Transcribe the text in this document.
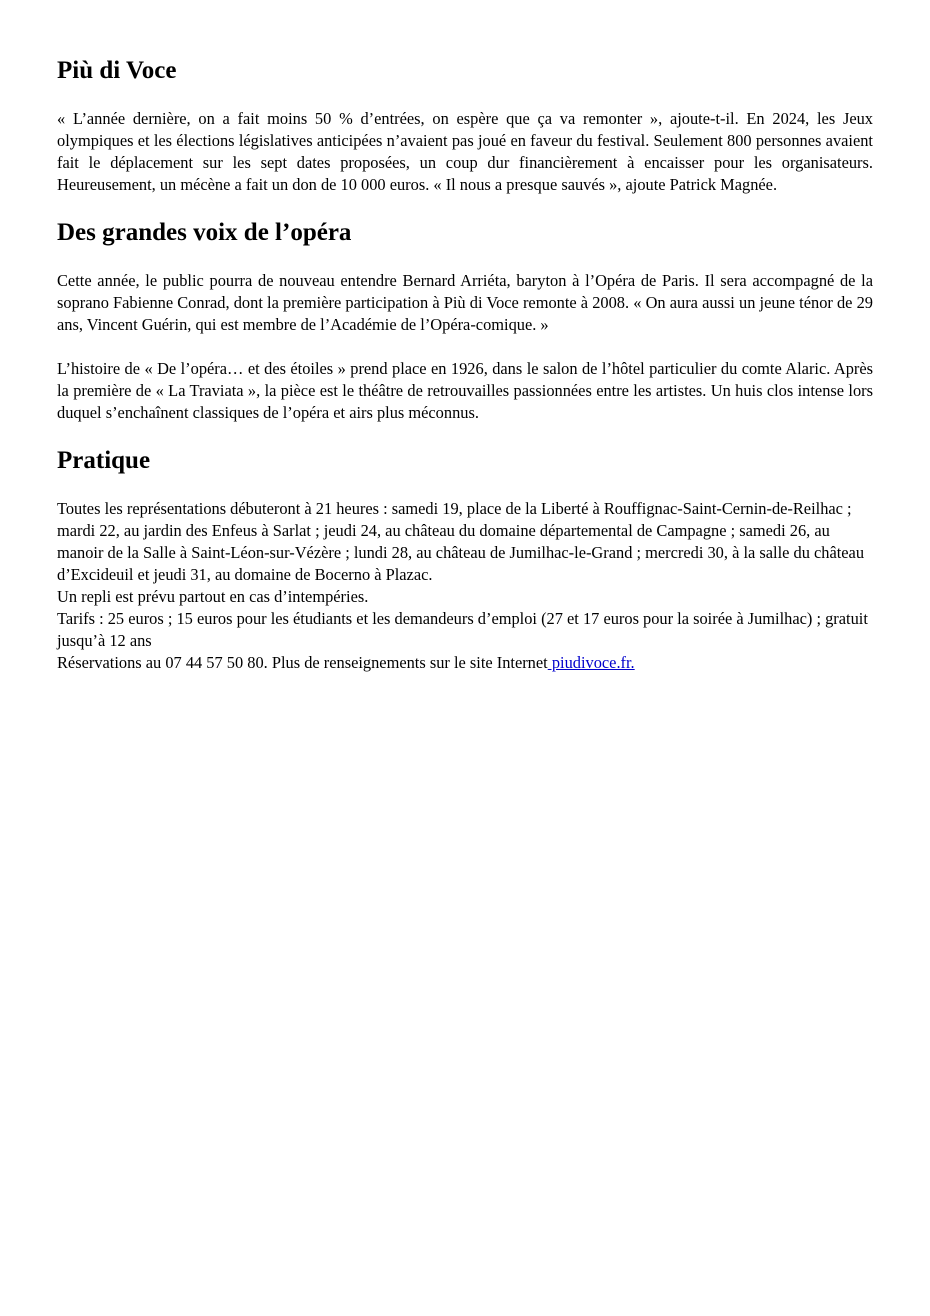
Più di Voce

« L’année dernière, on a fait moins 50 % d’entrées, on espère que ça va remonter », ajoute-t-il. En 2024, les Jeux olympiques et les élections législatives anticipées n’avaient pas joué en faveur du festival. Seulement 800 personnes avaient fait le déplacement sur les sept dates proposées, un coup dur financièrement à encaisser pour les organisateurs. Heureusement, un mécène a fait un don de 10 000 euros. « Il nous a presque sauvés », ajoute Patrick Magnée.

Des grandes voix de l’opéra

Cette année, le public pourra de nouveau entendre Bernard Arriéta, baryton à l’Opéra de Paris. Il sera accompagné de la soprano Fabienne Conrad, dont la première participation à Più di Voce remonte à 2008. « On aura aussi un jeune ténor de 29 ans, Vincent Guérin, qui est membre de l’Académie de l’Opéra-comique. »

L’histoire de « De l’opéra… et des étoiles » prend place en 1926, dans le salon de l’hôtel particulier du comte Alaric. Après la première de « La Traviata », la pièce est le théâtre de retrouvailles passionnées entre les artistes. Un huis clos intense lors duquel s’enchaînent classiques de l’opéra et airs plus méconnus.

Pratique

Toutes les représentations débuteront à 21 heures : samedi 19, place de la Liberté à Rouffignac-Saint-Cernin-de-Reilhac ; mardi 22, au jardin des Enfeus à Sarlat ; jeudi 24, au château du domaine départemental de Campagne ; samedi 26, au manoir de la Salle à Saint-Léon-sur-Vézère ; lundi 28, au château de Jumilhac-le-Grand ; mercredi 30, à la salle du château d’Excideuil et jeudi 31, au domaine de Bocerno à Plazac.

Un repli est prévu partout en cas d’intempéries.

Tarifs : 25 euros ; 15 euros pour les étudiants et les demandeurs d’emploi (27 et 17 euros pour la soirée à Jumilhac) ; gratuit jusqu’à 12 ans

Réservations au 07 44 57 50 80. Plus de renseignements sur le site Internet piudivoce.fr.
